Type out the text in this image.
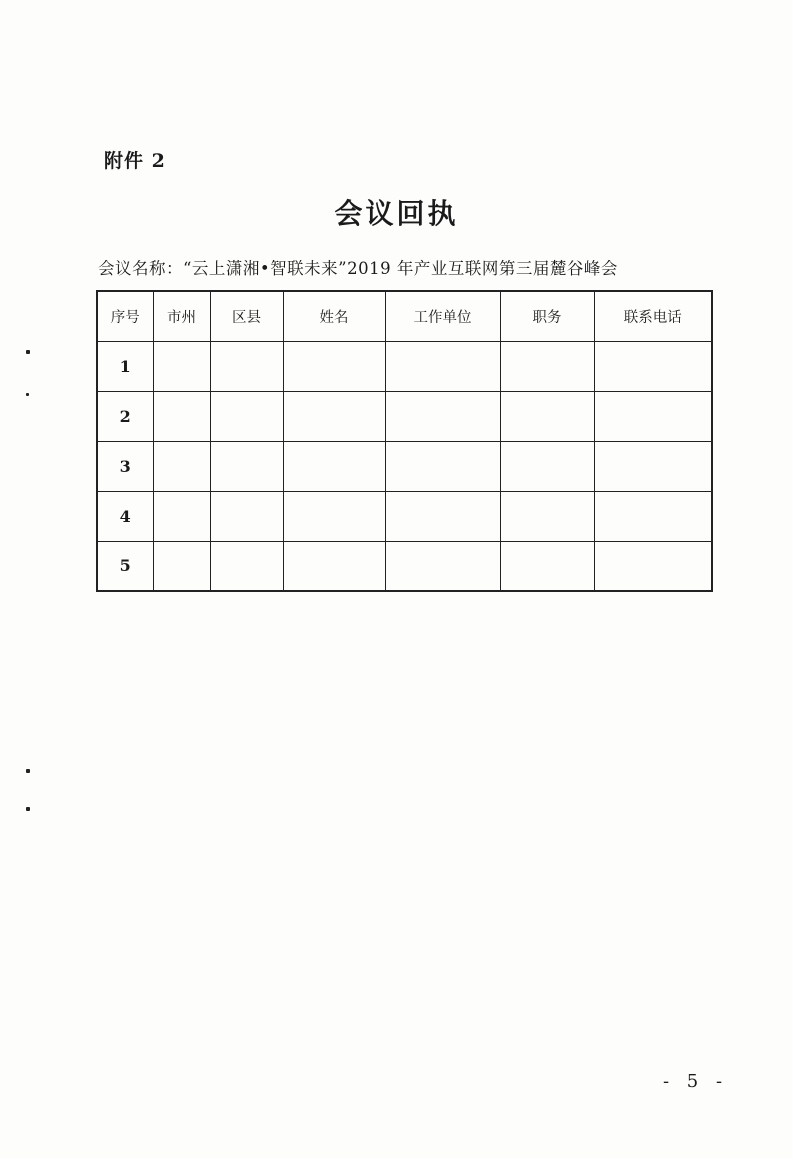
附件 2
会议回执
会议名称：“云上潇湘•智联未来”2019 年产业互联网第三届麓谷峰会
序号	市州	区县	姓名	工作单位	职务	联系电话
1						
2						
3						
4						
5						
- 5 -
